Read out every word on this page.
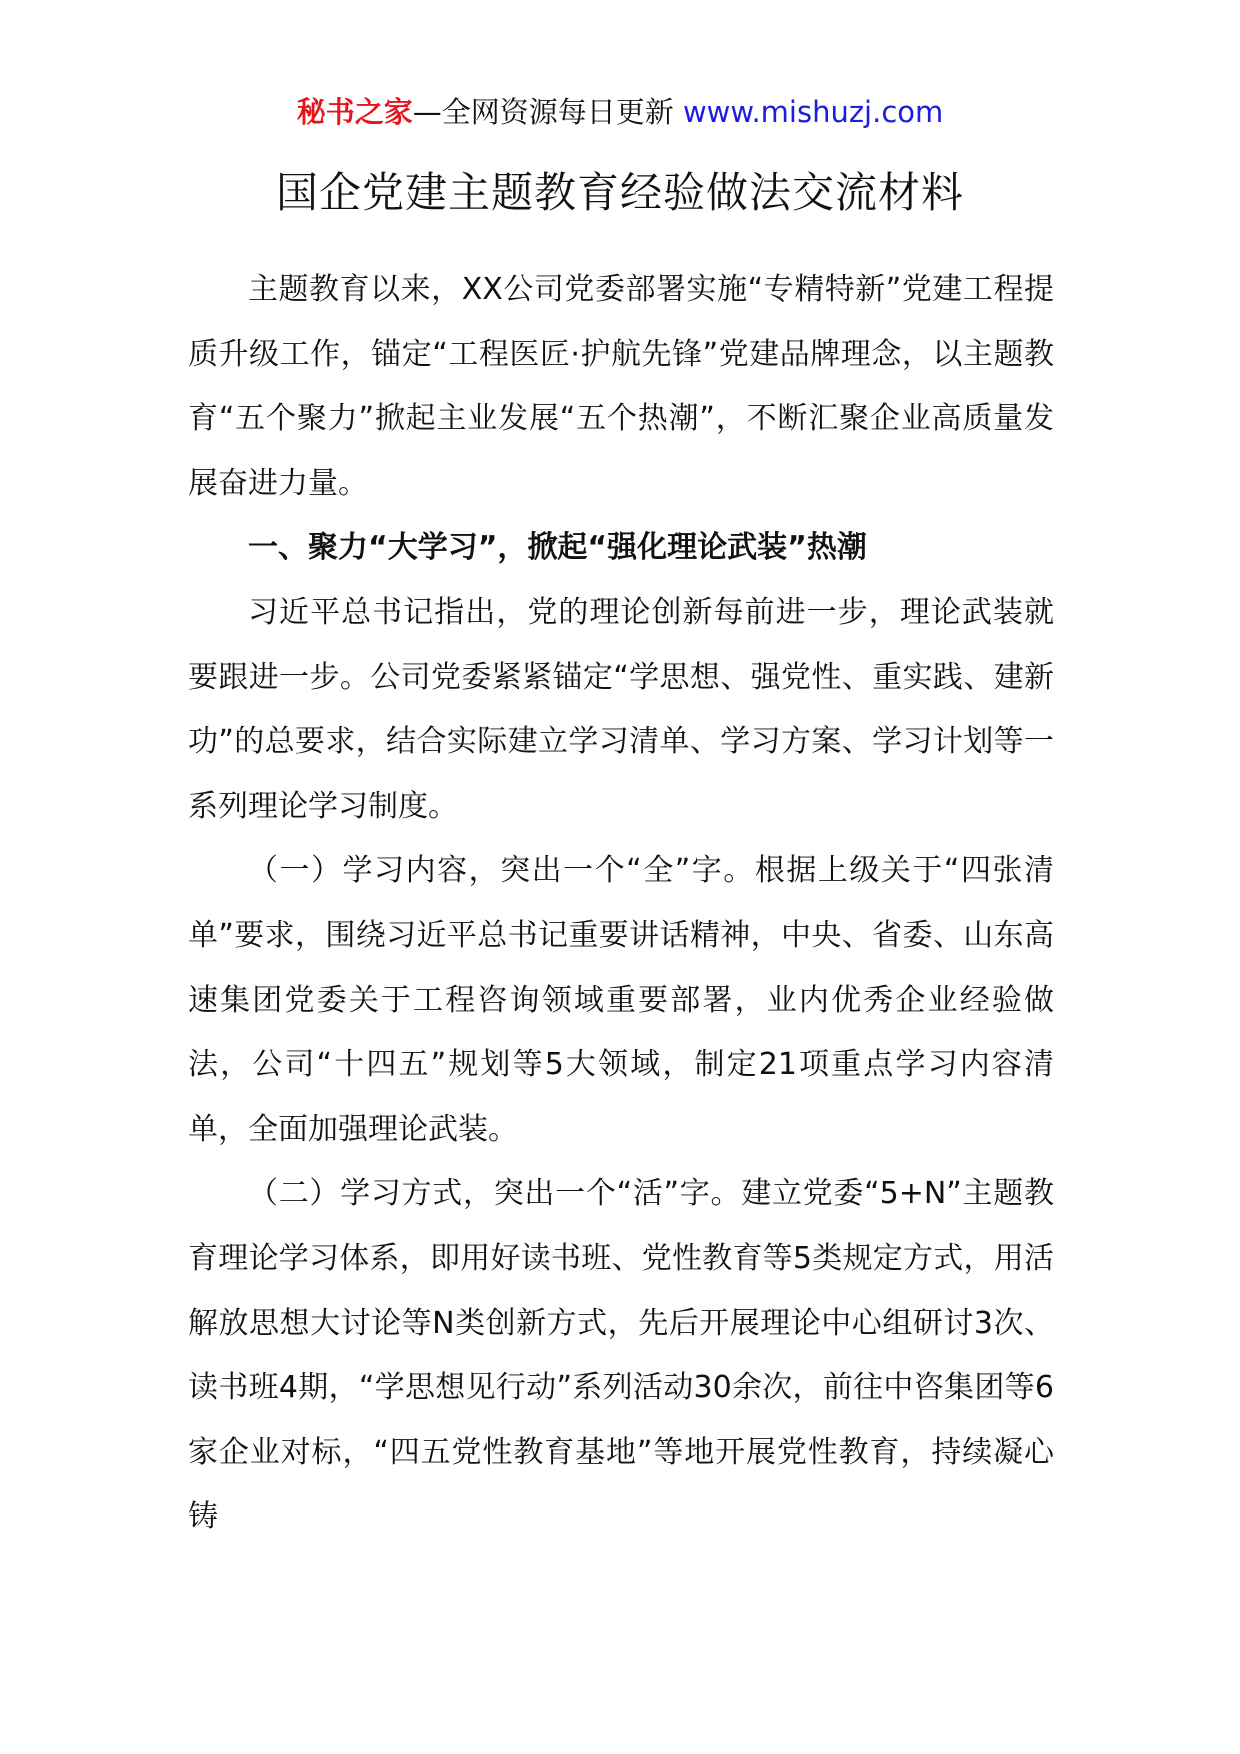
秘书之家—全网资源每日更新 www.mishuzj.com
国企党建主题教育经验做法交流材料

主题教育以来，XX公司党委部署实施“专精特新”党建工程提质升级工作，锚定“工程医匠·护航先锋”党建品牌理念，以主题教育“五个聚力”掀起主业发展“五个热潮”，不断汇聚企业高质量发展奋进力量。

一、聚力“大学习”，掀起“强化理论武装”热潮

习近平总书记指出，党的理论创新每前进一步，理论武装就要跟进一步。公司党委紧紧锚定“学思想、强党性、重实践、建新功”的总要求，结合实际建立学习清单、学习方案、学习计划等一系列理论学习制度。

（一）学习内容，突出一个“全”字。根据上级关于“四张清单”要求，围绕习近平总书记重要讲话精神，中央、省委、山东高速集团党委关于工程咨询领域重要部署，业内优秀企业经验做法，公司“十四五”规划等5大领域，制定21项重点学习内容清单，全面加强理论武装。

（二）学习方式，突出一个“活”字。建立党委“5+N”主题教育理论学习体系，即用好读书班、党性教育等5类规定方式，用活解放思想大讨论等N类创新方式，先后开展理论中心组研讨3次、读书班4期，“学思想见行动”系列活动30余次，前往中咨集团等6家企业对标，“四五党性教育基地”等地开展党性教育，持续凝心铸
